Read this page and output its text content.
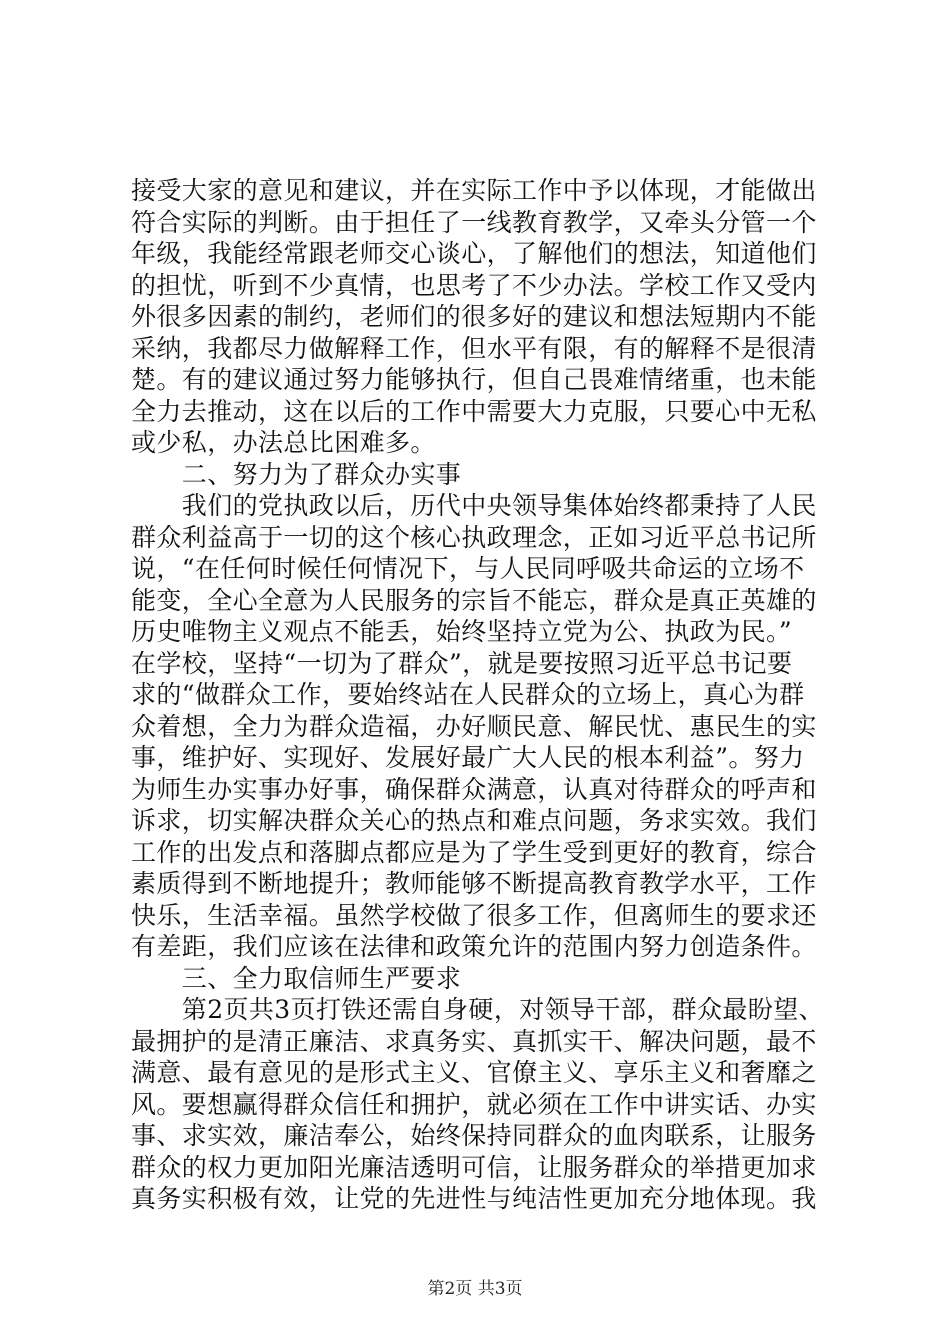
接受大家的意见和建议，并在实际工作中予以体现，才能做出
符合实际的判断。由于担任了一线教育教学，又牵头分管一个
年级，我能经常跟老师交心谈心，了解他们的想法，知道他们
的担忧，听到不少真情，也思考了不少办法。学校工作又受内
外很多因素的制约，老师们的很多好的建议和想法短期内不能
采纳，我都尽力做解释工作，但水平有限，有的解释不是很清
楚。有的建议通过努力能够执行，但自己畏难情绪重，也未能
全力去推动，这在以后的工作中需要大力克服，只要心中无私
或少私，办法总比困难多。
　　二、努力为了群众办实事
　　我们的党执政以后，历代中央领导集体始终都秉持了人民
群众利益高于一切的这个核心执政理念，正如习近平总书记所
说，“在任何时候任何情况下，与人民同呼吸共命运的立场不
能变，全心全意为人民服务的宗旨不能忘，群众是真正英雄的
历史唯物主义观点不能丢，始终坚持立党为公、执政为民。”
在学校，坚持“一切为了群众”，就是要按照习近平总书记要
求的“做群众工作，要始终站在人民群众的立场上，真心为群
众着想，全力为群众造福，办好顺民意、解民忧、惠民生的实
事，维护好、实现好、发展好最广大人民的根本利益”。努力
为师生办实事办好事，确保群众满意，认真对待群众的呼声和
诉求，切实解决群众关心的热点和难点问题，务求实效。我们
工作的出发点和落脚点都应是为了学生受到更好的教育，综合
素质得到不断地提升；教师能够不断提高教育教学水平，工作
快乐，生活幸福。虽然学校做了很多工作，但离师生的要求还
有差距，我们应该在法律和政策允许的范围内努力创造条件。
　　三、全力取信师生严要求
　　第2页共3页打铁还需自身硬，对领导干部，群众最盼望、
最拥护的是清正廉洁、求真务实、真抓实干、解决问题，最不
满意、最有意见的是形式主义、官僚主义、享乐主义和奢靡之
风。要想赢得群众信任和拥护，就必须在工作中讲实话、办实
事、求实效，廉洁奉公，始终保持同群众的血肉联系，让服务
群众的权力更加阳光廉洁透明可信，让服务群众的举措更加求
真务实积极有效，让党的先进性与纯洁性更加充分地体现。我
第2页 共3页
